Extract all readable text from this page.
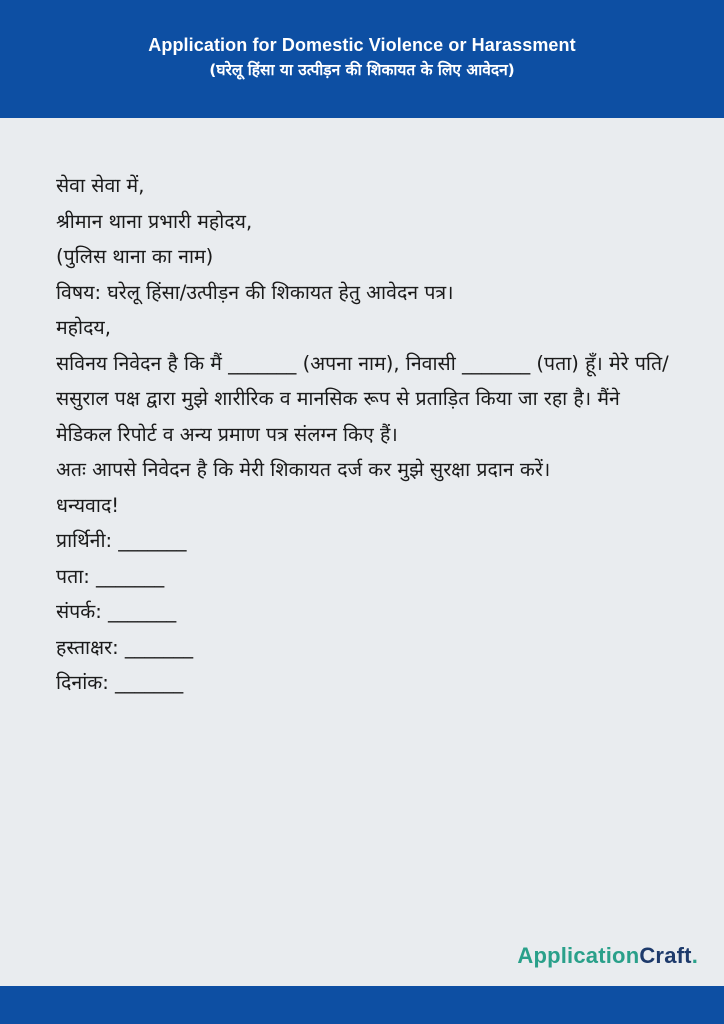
Application for Domestic Violence or Harassment
(घरेलू हिंसा या उत्पीड़न की शिकायत के लिए आवेदन)
सेवा सेवा में,
श्रीमान थाना प्रभारी महोदय,
(पुलिस थाना का नाम)
विषय: घरेलू हिंसा/उत्पीड़न की शिकायत हेतु आवेदन पत्र।
महोदय,
सविनय निवेदन है कि मैं _______ (अपना नाम), निवासी _______ (पता) हूँ। मेरे पति/ससुराल पक्ष द्वारा मुझे शारीरिक व मानसिक रूप से प्रताड़ित किया जा रहा है। मैंने मेडिकल रिपोर्ट व अन्य प्रमाण पत्र संलग्न किए हैं।
अतः आपसे निवेदन है कि मेरी शिकायत दर्ज कर मुझे सुरक्षा प्रदान करें।
धन्यवाद!
प्रार्थिनी: _______
पता: _______
संपर्क: _______
हस्ताक्षर: _______
दिनांक: _______
ApplicationCraft.
